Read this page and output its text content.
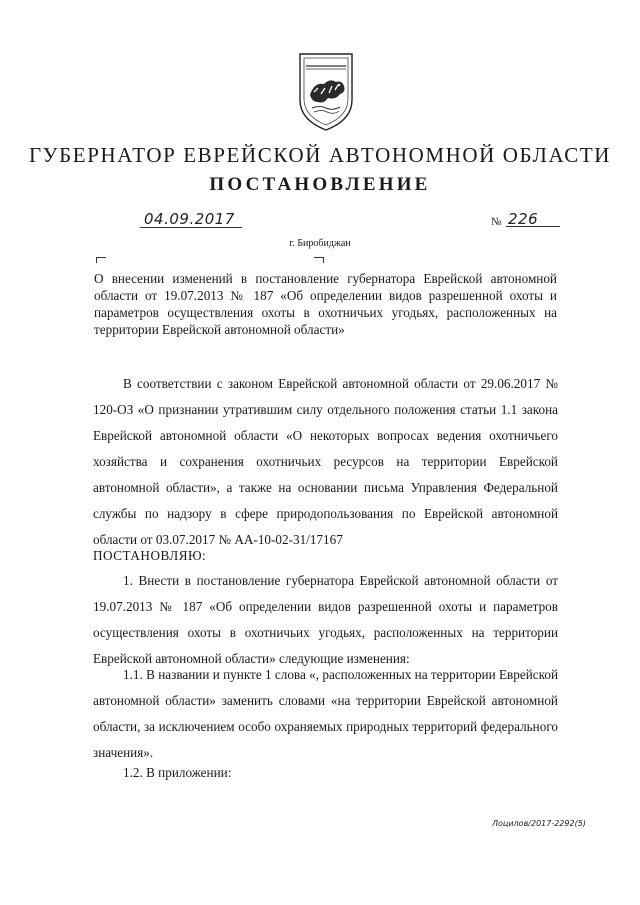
ГУБЕРНАТОР ЕВРЕЙСКОЙ АВТОНОМНОЙ ОБЛАСТИ
ПОСТАНОВЛЕНИЕ
04.09.2017	№ 226
г. Биробиджан
О внесении изменений в постановление губернатора Еврейской автономной области от 19.07.2013 № 187 «Об определении видов разрешенной охоты и параметров осуществления охоты в охотничьих угодьях, расположенных на территории Еврейской автономной области»
В соответствии с законом Еврейской автономной области от 29.06.2017 № 120-ОЗ «О признании утратившим силу отдельного положения статьи 1.1 закона Еврейской автономной области «О некоторых вопросах ведения охотничьего хозяйства и сохранения охотничьих ресурсов на территории Еврейской автономной области», а также на основании письма Управления Федеральной службы по надзору в сфере природопользования по Еврейской автономной области от 03.07.2017 № АА-10-02-31/17167
ПОСТАНОВЛЯЮ:
1. Внести в постановление губернатора Еврейской автономной области от 19.07.2013 № 187 «Об определении видов разрешенной охоты и параметров осуществления охоты в охотничьих угодьях, расположенных на территории Еврейской автономной области» следующие изменения:
1.1. В названии и пункте 1 слова «, расположенных на территории Еврейской автономной области» заменить словами «на территории Еврейской автономной области, за исключением особо охраняемых природных территорий федерального значения».
1.2. В приложении:
Лоцилов/2017-2292(5)
